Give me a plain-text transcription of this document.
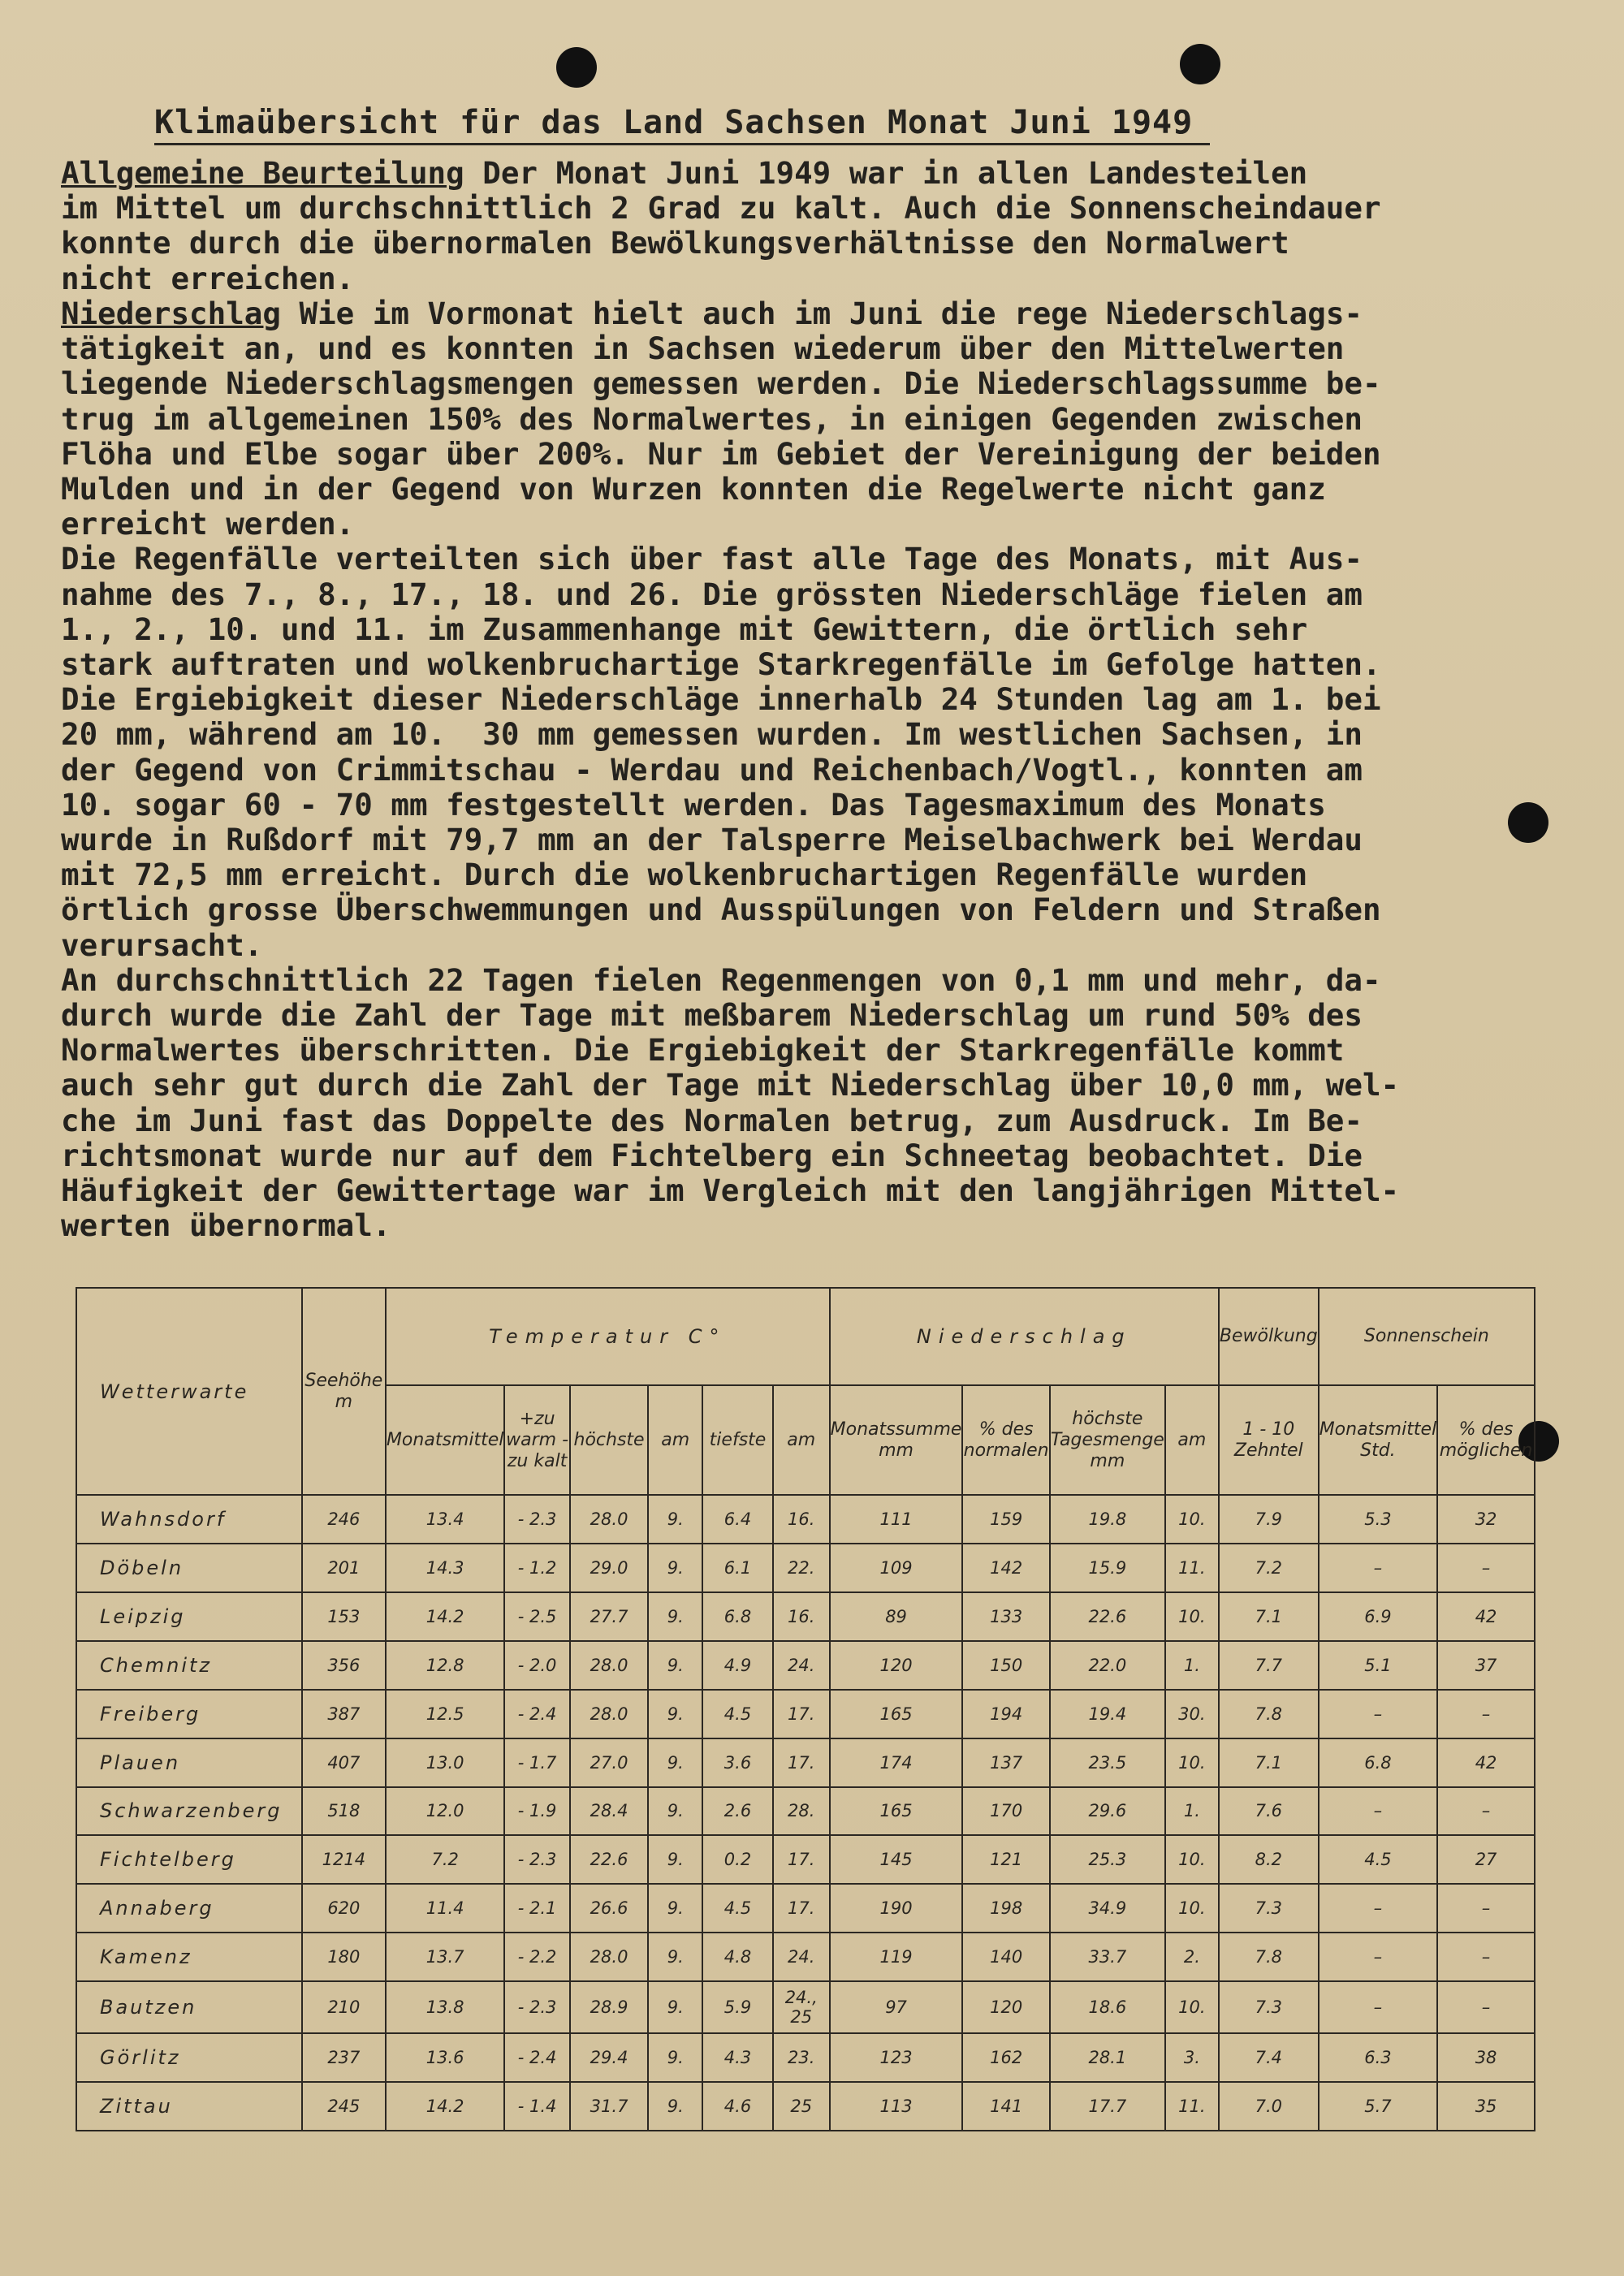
Klimaübersicht für das Land Sachsen Monat Juni 1949
Allgemeine Beurteilung Der Monat Juni 1949 war in allen Landesteilen
im Mittel um durchschnittlich 2 Grad zu kalt. Auch die Sonnenscheindauer
konnte durch die übernormalen Bewölkungsverhältnisse den Normalwert
nicht erreichen.
Niederschlag Wie im Vormonat hielt auch im Juni die rege Niederschlags-
tätigkeit an, und es konnten in Sachsen wiederum über den Mittelwerten
liegende Niederschlagsmengen gemessen werden. Die Niederschlagssumme be-
trug im allgemeinen 150% des Normalwertes, in einigen Gegenden zwischen
Flöha und Elbe sogar über 200%. Nur im Gebiet der Vereinigung der beiden
Mulden und in der Gegend von Wurzen konnten die Regelwerte nicht ganz
erreicht werden.
Die Regenfälle verteilten sich über fast alle Tage des Monats, mit Aus-
nahme des 7., 8., 17., 18. und 26. Die grössten Niederschläge fielen am
1., 2., 10. und 11. im Zusammenhange mit Gewittern, die örtlich sehr
stark auftraten und wolkenbruchartige Starkregenfälle im Gefolge hatten.
Die Ergiebigkeit dieser Niederschläge innerhalb 24 Stunden lag am 1. bei
20 mm, während am 10.  30 mm gemessen wurden. Im westlichen Sachsen, in
der Gegend von Crimmitschau - Werdau und Reichenbach/Vogtl., konnten am
10. sogar 60 - 70 mm festgestellt werden. Das Tagesmaximum des Monats
wurde in Rußdorf mit 79,7 mm an der Talsperre Meiselbachwerk bei Werdau
mit 72,5 mm erreicht. Durch die wolkenbruchartigen Regenfälle wurden
örtlich grosse Überschwemmungen und Ausspülungen von Feldern und Straßen
verursacht.
An durchschnittlich 22 Tagen fielen Regenmengen von 0,1 mm und mehr, da-
durch wurde die Zahl der Tage mit meßbarem Niederschlag um rund 50% des
Normalwertes überschritten. Die Ergiebigkeit der Starkregenfälle kommt
auch sehr gut durch die Zahl der Tage mit Niederschlag über 10,0 mm, wel-
che im Juni fast das Doppelte des Normalen betrug, zum Ausdruck. Im Be-
richtsmonat wurde nur auf dem Fichtelberg ein Schneetag beobachtet. Die
Häufigkeit der Gewittertage war im Vergleich mit den langjährigen Mittel-
werten übernormal.
Wetterwarte	Seehöhe m	Temperatur C°						Niederschlag				Bewölkung	Sonnenschein	
		Monatsmittel	+zu warm -zu kalt	höchste	am	tiefste	am	Monatssumme mm	% des normalen	höchste Tagesmenge mm	am	1 - 10 Zehntel	Monatsmittel Std.	% des möglichen
Wahnsdorf	246	13.4	- 2.3	28.0	9.	6.4	16.	111	159	19.8	10.	7.9	5.3	32
Döbeln	201	14.3	- 1.2	29.0	9.	6.1	22.	109	142	15.9	11.	7.2	–	–
Leipzig	153	14.2	- 2.5	27.7	9.	6.8	16.	89	133	22.6	10.	7.1	6.9	42
Chemnitz	356	12.8	- 2.0	28.0	9.	4.9	24.	120	150	22.0	1.	7.7	5.1	37
Freiberg	387	12.5	- 2.4	28.0	9.	4.5	17.	165	194	19.4	30.	7.8	–	–
Plauen	407	13.0	- 1.7	27.0	9.	3.6	17.	174	137	23.5	10.	7.1	6.8	42
Schwarzenberg	518	12.0	- 1.9	28.4	9.	2.6	28.	165	170	29.6	1.	7.6	–	–
Fichtelberg	1214	7.2	- 2.3	22.6	9.	0.2	17.	145	121	25.3	10.	8.2	4.5	27
Annaberg	620	11.4	- 2.1	26.6	9.	4.5	17.	190	198	34.9	10.	7.3	–	–
Kamenz	180	13.7	- 2.2	28.0	9.	4.8	24.	119	140	33.7	2.	7.8	–	–
Bautzen	210	13.8	- 2.3	28.9	9.	5.9	24., 25	97	120	18.6	10.	7.3	–	–
Görlitz	237	13.6	- 2.4	29.4	9.	4.3	23.	123	162	28.1	3.	7.4	6.3	38
Zittau	245	14.2	- 1.4	31.7	9.	4.6	25	113	141	17.7	11.	7.0	5.7	35
